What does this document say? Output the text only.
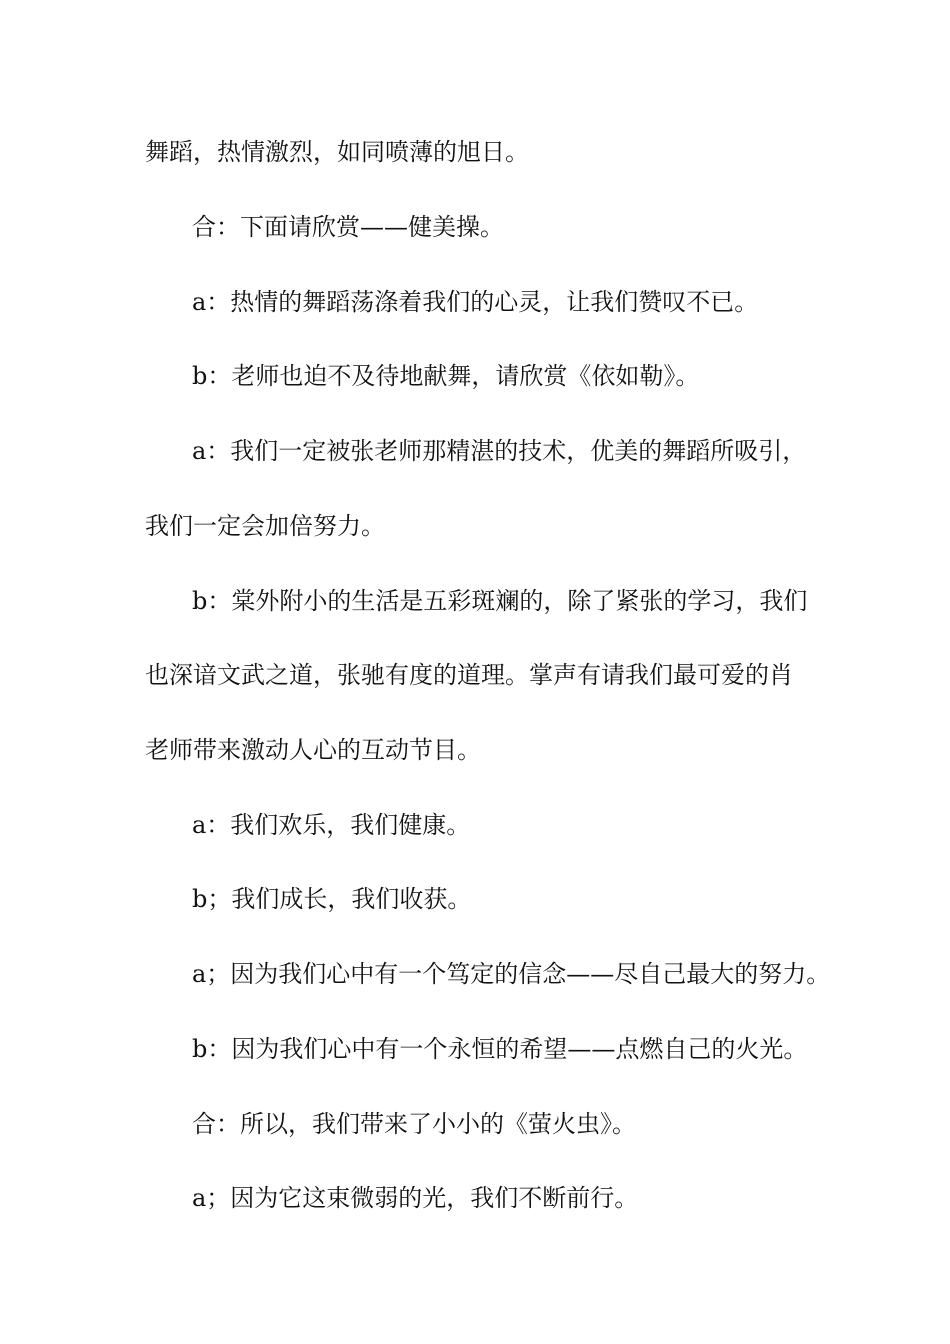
舞蹈，热情激烈，如同喷薄的旭日。
合：下面请欣赏——健美操。
a：热情的舞蹈荡涤着我们的心灵，让我们赞叹不已。
b：老师也迫不及待地献舞，请欣赏《依如勒》。
a：我们一定被张老师那精湛的技术，优美的舞蹈所吸引，
我们一定会加倍努力。
b：棠外附小的生活是五彩斑斓的，除了紧张的学习，我们
也深谙文武之道，张驰有度的道理。掌声有请我们最可爱的肖
老师带来激动人心的互动节目。
a：我们欢乐，我们健康。
b；我们成长，我们收获。
a；因为我们心中有一个笃定的信念——尽自己最大的努力。
b：因为我们心中有一个永恒的希望——点燃自己的火光。
合：所以，我们带来了小小的《萤火虫》。
a；因为它这束微弱的光，我们不断前行。
